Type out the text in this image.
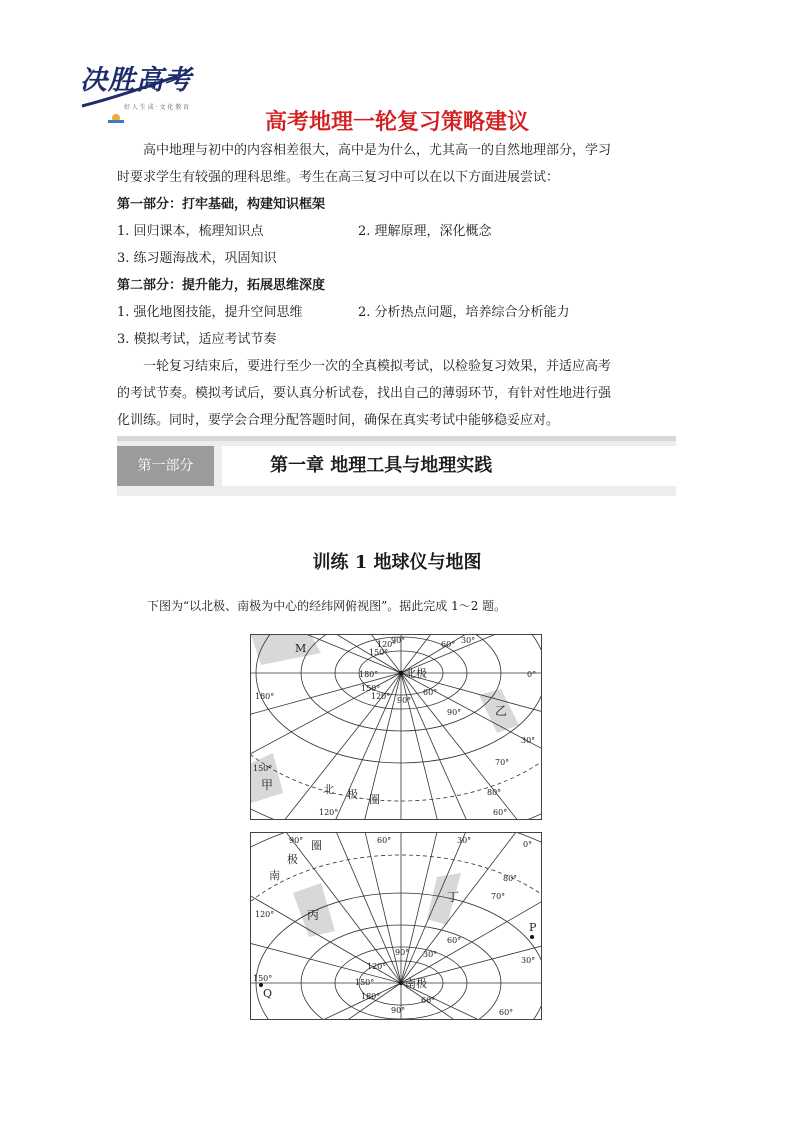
决胜高考
好 人 生 成 · 文 化 教 育
高考地理一轮复习策略建议
高中地理与初中的内容相差很大，高中是为什么，尤其高一的自然地理部分，学习
时要求学生有较强的理科思维。考生在高三复习中可以在以下方面进展尝试：
第一部分：打牢基础，构建知识框架
1. 回归课本，梳理知识点	2. 理解原理，深化概念
3. 练习题海战术，巩固知识
第二部分：提升能力，拓展思维深度
1. 强化地图技能，提升空间思维	2. 分析热点问题，培养综合分析能力
3. 模拟考试，适应考试节奏
一轮复习结束后，要进行至少一次的全真模拟考试，以检验复习效果，并适应高考
的考试节奏。模拟考试后，要认真分析试卷，找出自己的薄弱环节，有针对性地进行强
化训练。同时，要学会合理分配答题时间，确保在真实考试中能够稳妥应对。
第一部分	第一章 地理工具与地理实践
训练 1 地球仪与地图
下图为“以北极、南极为中心的经纬网俯视图”。据此完成 1～2 题。
北极
M
乙
甲	北 极 圈
150°
120°
90°
180°
0°
60° 30°
150°
120° 90°
180°
60°
90°
30°
70°
80°
150°
120°	60°
南极
丙
丁
P
Q
南
极
圈
90°	60°	30°	0°
120°
70°
80°
30°
150°
60°
60°
90°
150°
180°
120°
90°
30°
60°
